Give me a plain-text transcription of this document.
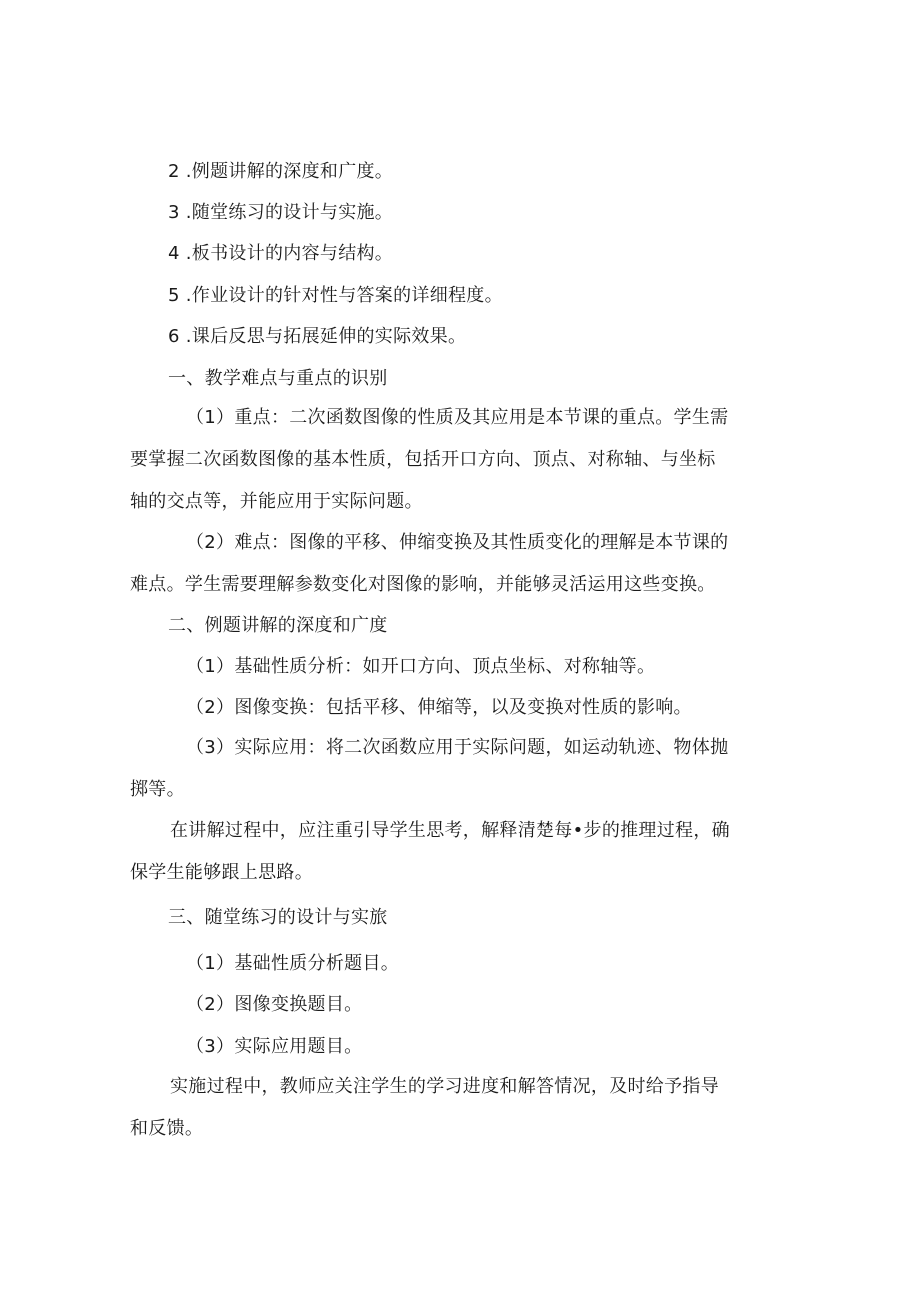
2 .例题讲解的深度和广度。
3 .随堂练习的设计与实施。
4 .板书设计的内容与结构。
5 .作业设计的针对性与答案的详细程度。
6 .课后反思与拓展延伸的实际效果。
一、教学难点与重点的识别
（1）重点：二次函数图像的性质及其应用是本节课的重点。学生需要掌握二次函数图像的基本性质，包括开口方向、顶点、对称轴、与坐标轴的交点等，并能应用于实际问题。
（2）难点：图像的平移、伸缩变换及其性质变化的理解是本节课的难点。学生需要理解参数变化对图像的影响，并能够灵活运用这些变换。
二、例题讲解的深度和广度
（1）基础性质分析：如开口方向、顶点坐标、对称轴等。
（2）图像变换：包括平移、伸缩等，以及变换对性质的影响。
（3）实际应用：将二次函数应用于实际问题，如运动轨迹、物体抛掷等。
在讲解过程中，应注重引导学生思考，解释清楚每•步的推理过程，确保学生能够跟上思路。
三、随堂练习的设计与实旅
（1）基础性质分析题目。
（2）图像变换题目。
（3）实际应用题目。
实施过程中，教师应关注学生的学习进度和解答情况，及时给予指导和反馈。
